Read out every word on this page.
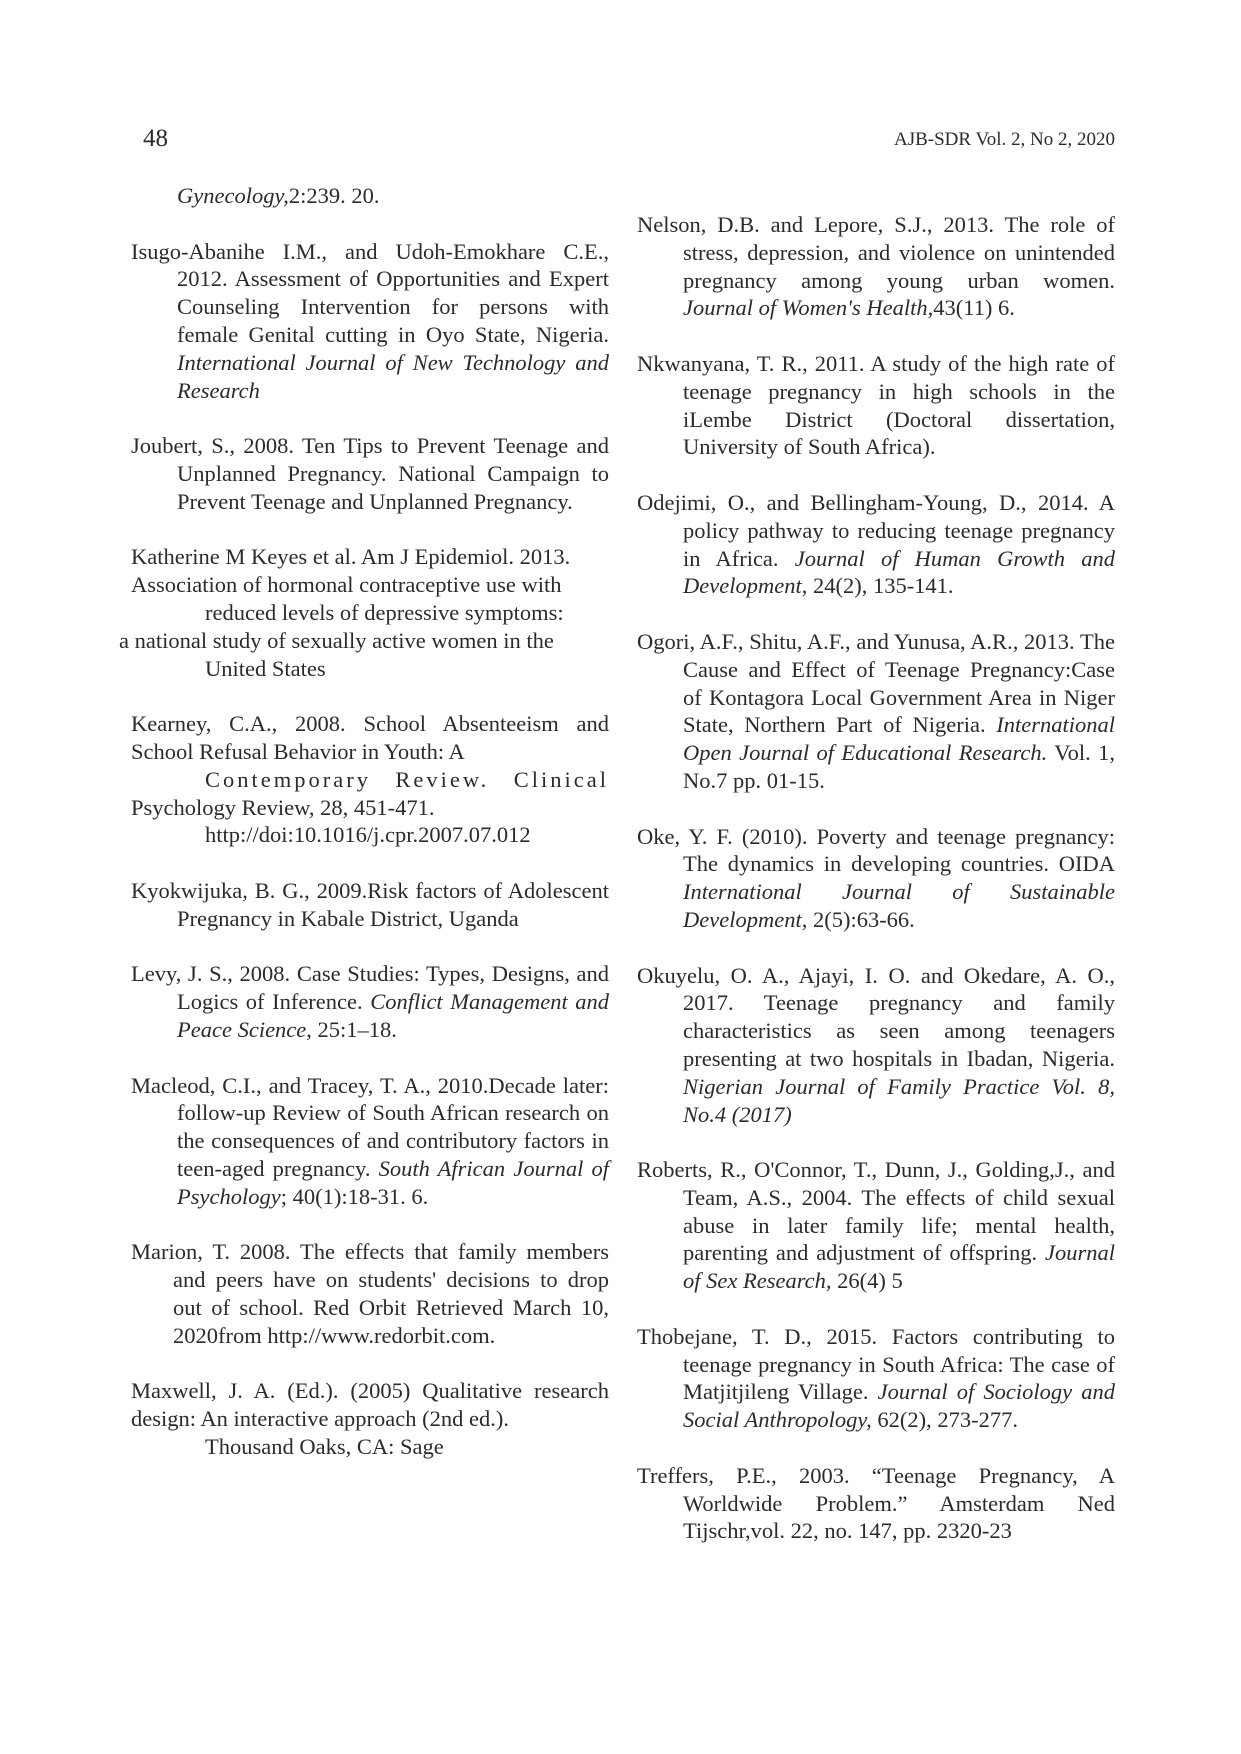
48	AJB-SDR Vol. 2, No 2, 2020

Gynecology,2:239. 20.

Isugo-Abanihe I.M., and Udoh-Emokhare C.E., 2012. Assessment of Opportunities and Expert Counseling Intervention for persons with female Genital cutting in Oyo State, Nigeria. International Journal of New Technology and Research

Joubert, S., 2008. Ten Tips to Prevent Teenage and Unplanned Pregnancy. National Campaign to Prevent Teenage and Unplanned Pregnancy.

Katherine M Keyes et al. Am J Epidemiol. 2013.
Association of hormonal contraceptive use with
reduced levels of depressive symptoms:
a national study of sexually active women in the
United States

Kearney, C.A., 2008. School Absenteeism and
School Refusal Behavior in Youth: A
Contemporary Review. Clinical
Psychology Review, 28, 451-471.
http://doi:10.1016/j.cpr.2007.07.012

Kyokwijuka, B. G., 2009.Risk factors of Adolescent Pregnancy in Kabale District, Uganda

Levy, J. S., 2008. Case Studies: Types, Designs, and Logics of Inference. Conflict Management and Peace Science, 25:1–18.

Macleod, C.I., and Tracey, T. A., 2010.Decade later: follow-up Review of South African research on the consequences of and contributory factors in teen-aged pregnancy. South African Journal of Psychology; 40(1):18-31. 6.

Marion, T. 2008. The effects that family members and peers have on students' decisions to drop out of school. Red Orbit Retrieved March 10, 2020from http://www.redorbit.com.

Maxwell, J. A. (Ed.). (2005) Qualitative research design: An interactive approach (2nd ed.).
Thousand Oaks, CA: Sage

Nelson, D.B. and Lepore, S.J., 2013. The role of stress, depression, and violence on unintended pregnancy among young urban women. Journal of Women's Health,43(11) 6.

Nkwanyana, T. R., 2011. A study of the high rate of teenage pregnancy in high schools in the iLembe District (Doctoral dissertation, University of South Africa).

Odejimi, O., and Bellingham-Young, D., 2014. A policy pathway to reducing teenage pregnancy in Africa. Journal of Human Growth and Development, 24(2), 135-141.

Ogori, A.F., Shitu, A.F., and Yunusa, A.R., 2013. The Cause and Effect of Teenage Pregnancy:Case of Kontagora Local Government Area in Niger State, Northern Part of Nigeria. International Open Journal of Educational Research. Vol. 1, No.7 pp. 01-15.

Oke, Y. F. (2010). Poverty and teenage pregnancy: The dynamics in developing countries. OIDA International Journal of Sustainable Development, 2(5):63-66.

Okuyelu, O. A., Ajayi, I. O. and Okedare, A. O., 2017. Teenage pregnancy and family characteristics as seen among teenagers presenting at two hospitals in Ibadan, Nigeria. Nigerian Journal of Family Practice Vol. 8, No.4 (2017)

Roberts, R., O'Connor, T., Dunn, J., Golding,J., and Team, A.S., 2004. The effects of child sexual abuse in later family life; mental health, parenting and adjustment of offspring. Journal of Sex Research, 26(4) 5

Thobejane, T. D., 2015. Factors contributing to teenage pregnancy in South Africa: The case of Matjitjileng Village. Journal of Sociology and Social Anthropology, 62(2), 273-277.

Treffers, P.E., 2003. “Teenage Pregnancy, A Worldwide Problem.” Amsterdam Ned Tijschr,vol. 22, no. 147, pp. 2320-23
